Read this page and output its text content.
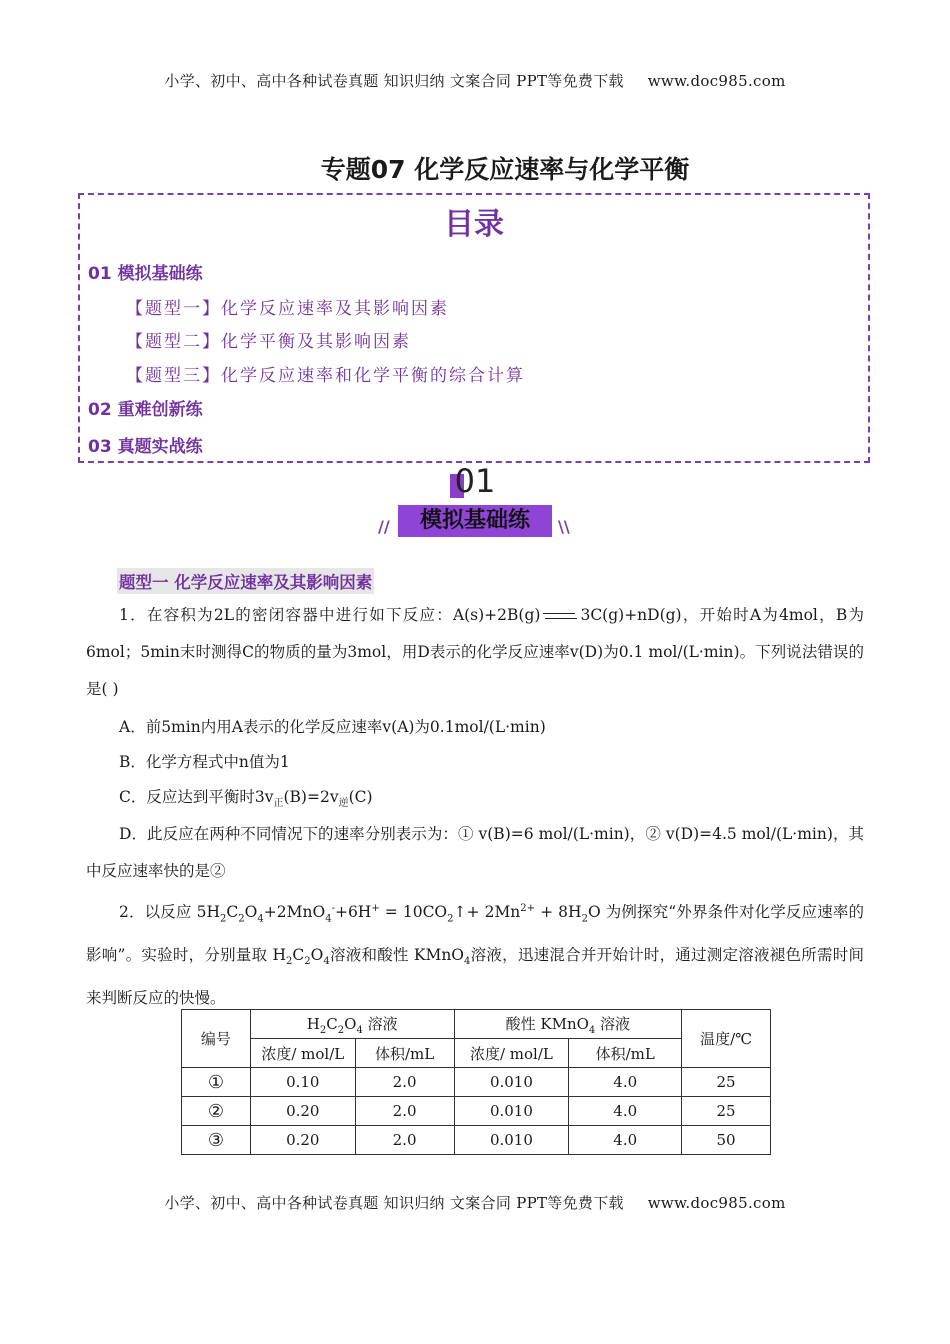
小学、初中、高中各种试卷真题 知识归纳 文案合同 PPT等免费下载 www.doc985.com
专题07 化学反应速率与化学平衡
目录
01 模拟基础练
【题型一】化学反应速率及其影响因素
【题型二】化学平衡及其影响因素
【题型三】化学反应速率和化学平衡的综合计算
02 重难创新练
03 真题实战练
01
模拟基础练
//	\\
题型一 化学反应速率及其影响因素
1．在容积为2L的密闭容器中进行如下反应：A(s)+2B(g)	3C(g)+nD(g)，开始时A为4mol，B为 6mol；5min末时测得C的物质的量为3mol，用D表示的化学反应速率v(D)为0.1 mol/(L·min)。下列说法错误的是( )
A．前5min内用A表示的化学反应速率v(A)为0.1mol/(L·min)
B．化学方程式中n值为1
C．反应达到平衡时$3v_正(B)=2v_逆(C)$
D．此反应在两种不同情况下的速率分别表示为：① v(B)=6 mol/(L·min)，② v(D)=4.5 mol/(L·min)，其中反应速率快的是②
2．以反应 $5H_2C_2O_4+2MnO_4^-+6H^+$ = $10CO_2↑+ 2Mn^{2+} + 8H_2O$ 为例探究“外界条件对化学反应速率的影响”。实验时，分别量取 $H_2C_2O_4$溶液和酸性 KMnO$_4$溶液，迅速混合并开始计时，通过测定溶液褪色所需时间来判断反应的快慢。
编号	$H_2C_2O_4$ 溶液		酸性 KMnO$_4$ 溶液		温度/℃
	浓度/ mol/L	体积/mL	浓度/ mol/L	体积/mL	
①	0.10	2.0	0.010	4.0	25
②	0.20	2.0	0.010	4.0	25
③	0.20	2.0	0.010	4.0	50
小学、初中、高中各种试卷真题 知识归纳 文案合同 PPT等免费下载 www.doc985.com
